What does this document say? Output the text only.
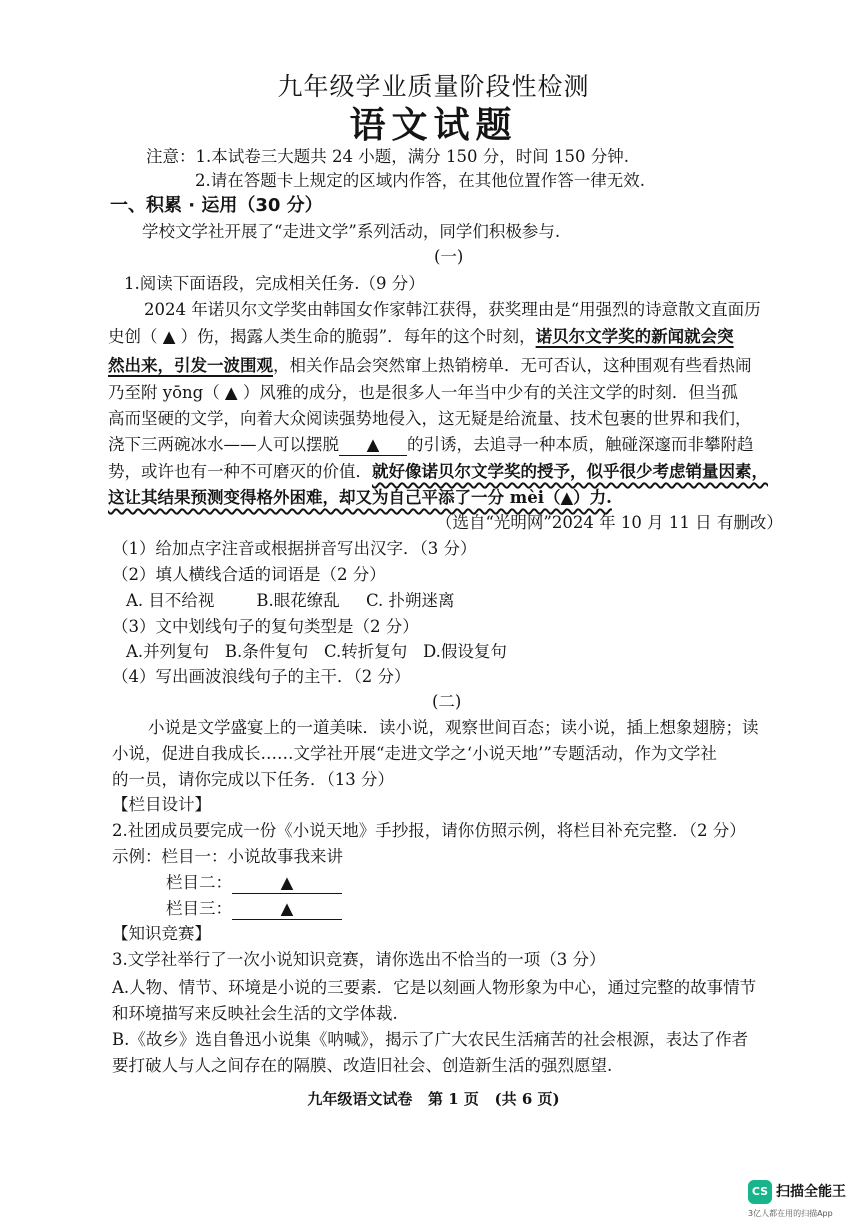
九年级学业质量阶段性检测
语文试题
注意：1.本试卷三大题共 24 小题，满分 150 分，时间 150 分钟.
2.请在答题卡上规定的区域内作答，在其他位置作答一律无效.
一、积累 · 运用（30 分）
学校文学社开展了“走进文学”系列活动，同学们积极参与.
(一)
1.阅读下面语段，完成相关任务.（9 分）
2024 年诺贝尔文学奖由韩国女作家韩江获得，获奖理由是“用强烈的诗意散文直面历
史创（ ▲ ）伤，揭露人类生命的脆弱”．每年的这个时刻，诺贝尔文学奖的新闻就会突
然出来，引发一波围观，相关作品会突然窜上热销榜单．无可否认，这种围观有些看热闹
乃至附 yōng（ ▲ ）风雅的成分，也是很多人一年当中少有的关注文学的时刻．但当孤
高而坚硬的文学，向着大众阅读强势地侵入，这无疑是给流量、技术包裹的世界和我们，
浇下三两碗冰水——人可以摆脱 ▲ 的引诱，去追寻一种本质，触碰深邃而非攀附趋
势，或许也有一种不可磨灭的价值．就好像诺贝尔文学奖的授予，似乎很少考虑销量因素，
这让其结果预测变得格外困难，却又为自己平添了一分 mèi（▲）力.
（选自“光明网”2024 年 10 月 11 日 有删改）
（1）给加点字注音或根据拼音写出汉字．（3 分）
（2）填人横线合适的词语是（2 分）
A. 目不给视        B.眼花缭乱     C. 扑朔迷离
（3）文中划线句子的复句类型是（2 分）
A.并列复句   B.条件复句   C.转折复句   D.假设复句
（4）写出画波浪线句子的主干．（2 分）
(二)
小说是文学盛宴上的一道美味．读小说，观察世间百态；读小说，插上想象翅膀；读
小说，促进自我成长……文学社开展“走进文学之‘小说天地’”专题活动，作为文学社
的一员，请你完成以下任务．（13 分）
【栏目设计】
2.社团成员要完成一份《小说天地》手抄报，请你仿照示例，将栏目补充完整．（2 分）
示例：栏目一：小说故事我来讲
栏目二：	▲
栏目三：	▲
【知识竞赛】
3.文学社举行了一次小说知识竞赛，请你选出不恰当的一项（3 分）
A.人物、情节、环境是小说的三要素．它是以刻画人物形象为中心，通过完整的故事情节
和环境描写来反映社会生活的文学体裁.
B.《故乡》选自鲁迅小说集《呐喊》，揭示了广大农民生活痛苦的社会根源，表达了作者
要打破人与人之间存在的隔膜、改造旧社会、创造新生活的强烈愿望.
九年级语文试卷   第 1 页   (共 6 页)
CS 扫描全能王
3亿人都在用的扫描App
